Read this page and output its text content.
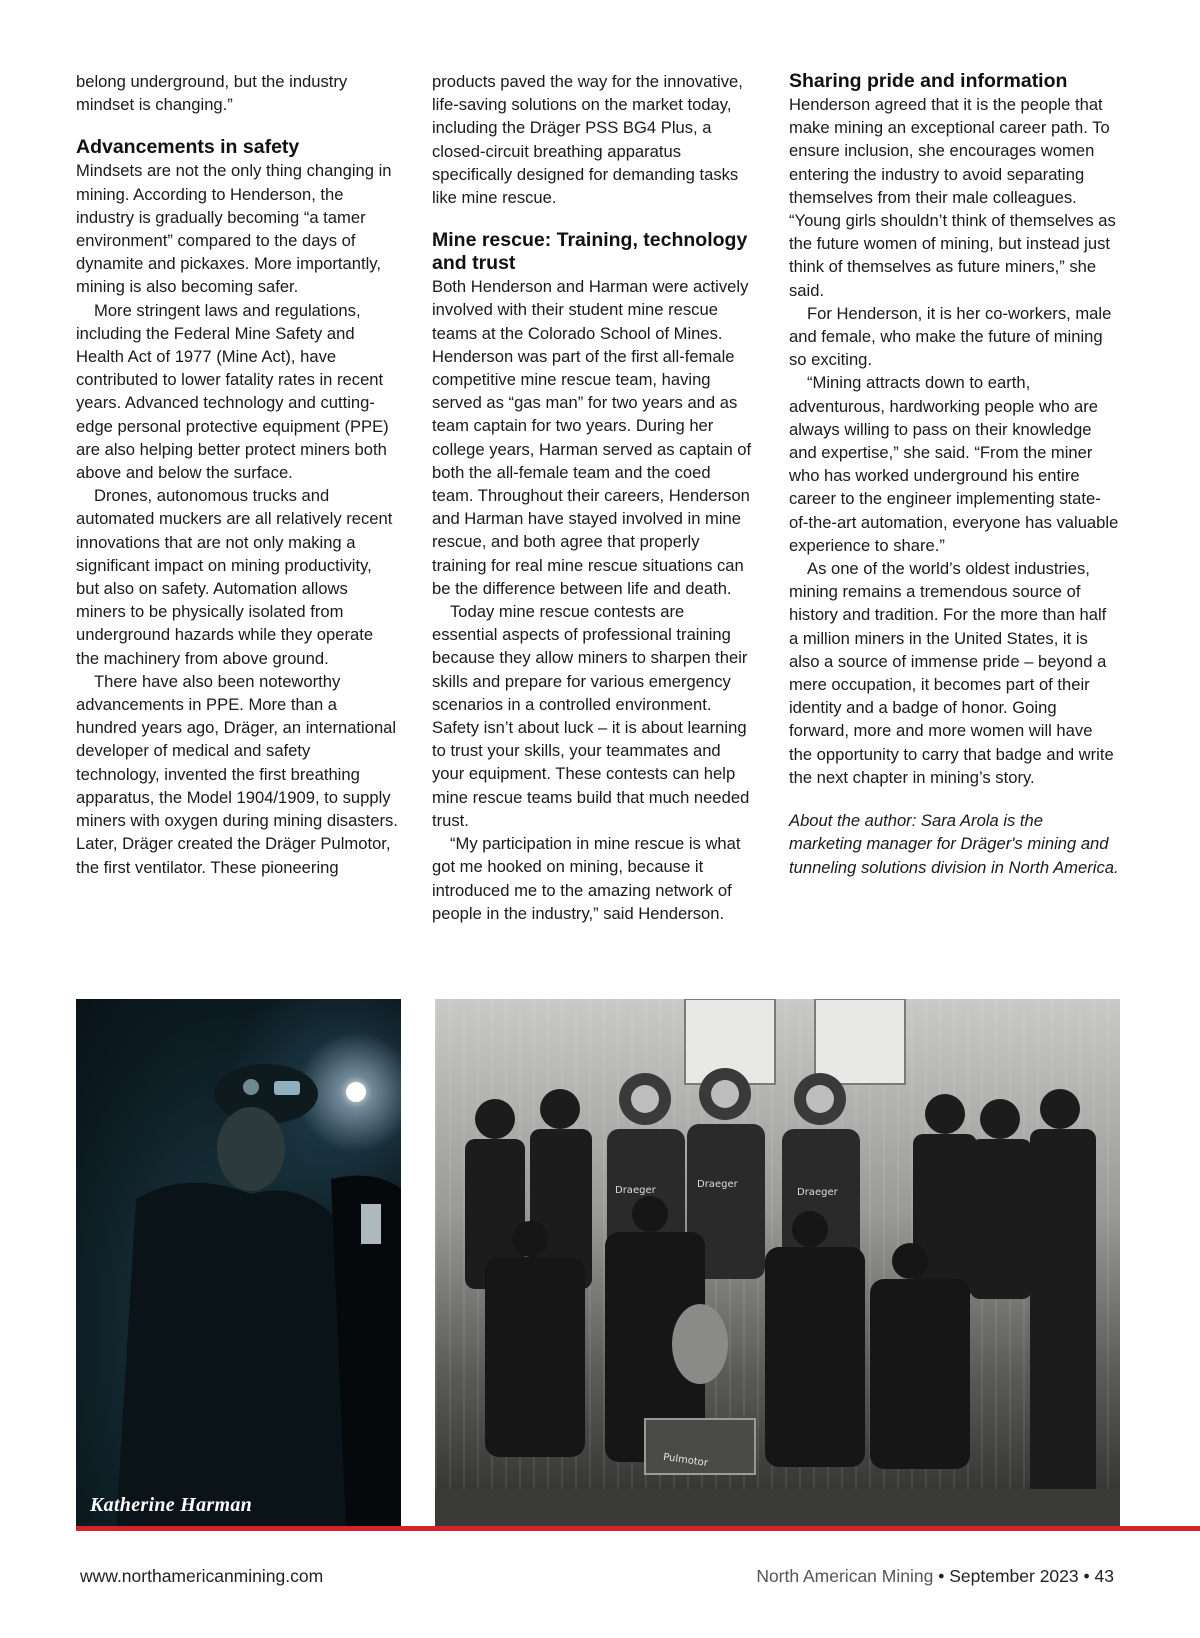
belong underground, but the industry mindset is changing.”

Advancements in safety

Mindsets are not the only thing changing in mining. According to Henderson, the industry is gradually becoming “a tamer environment” compared to the days of dynamite and pickaxes. More importantly, mining is also becoming safer.

More stringent laws and regulations, including the Federal Mine Safety and Health Act of 1977 (Mine Act), have contributed to lower fatality rates in recent years. Advanced technology and cutting-edge personal protective equipment (PPE) are also helping better protect miners both above and below the surface.

Drones, autonomous trucks and automated muckers are all relatively recent innovations that are not only making a significant impact on mining productivity, but also on safety. Automation allows miners to be physically isolated from underground hazards while they operate the machinery from above ground.

There have also been noteworthy advancements in PPE. More than a hundred years ago, Dräger, an international developer of medical and safety technology, invented the first breathing apparatus, the Model 1904/1909, to supply miners with oxygen during mining disasters. Later, Dräger created the Dräger Pulmotor, the first ventilator. These pioneering

products paved the way for the innovative, life-saving solutions on the market today, including the Dräger PSS BG4 Plus, a closed-circuit breathing apparatus specifically designed for demanding tasks like mine rescue.

Mine rescue: Training, technology and trust

Both Henderson and Harman were actively involved with their student mine rescue teams at the Colorado School of Mines. Henderson was part of the first all-female competitive mine rescue team, having served as “gas man” for two years and as team captain for two years. During her college years, Harman served as captain of both the all-female team and the coed team. Throughout their careers, Henderson and Harman have stayed involved in mine rescue, and both agree that properly training for real mine rescue situations can be the difference between life and death.

Today mine rescue contests are essential aspects of professional training because they allow miners to sharpen their skills and prepare for various emergency scenarios in a controlled environment. Safety isn’t about luck – it is about learning to trust your skills, your teammates and your equipment. These contests can help mine rescue teams build that much needed trust.

“My participation in mine rescue is what got me hooked on mining, because it introduced me to the amazing network of people in the industry,” said Henderson.

Sharing pride and information

Henderson agreed that it is the people that make mining an exceptional career path. To ensure inclusion, she encourages women entering the industry to avoid separating themselves from their male colleagues. “Young girls shouldn’t think of themselves as the future women of mining, but instead just think of themselves as future miners,” she said.

For Henderson, it is her co-workers, male and female, who make the future of mining so exciting.

“Mining attracts down to earth, adventurous, hardworking people who are always willing to pass on their knowledge and expertise,” she said. “From the miner who has worked underground his entire career to the engineer implementing state-of-the-art automation, everyone has valuable experience to share.”

As one of the world’s oldest industries, mining remains a tremendous source of history and tradition. For the more than half a million miners in the United States, it is also a source of immense pride – beyond a mere occupation, it becomes part of their identity and a badge of honor. Going forward, more and more women will have the opportunity to carry that badge and write the next chapter in mining’s story.

About the author: Sara Arola is the marketing manager for Dräger's mining and tunneling solutions division in North America.

Katherine Harman
Draeger
Draeger
Draeger
Pulmotor
www.northamericanmining.com	North American Mining • September 2023 • 43
